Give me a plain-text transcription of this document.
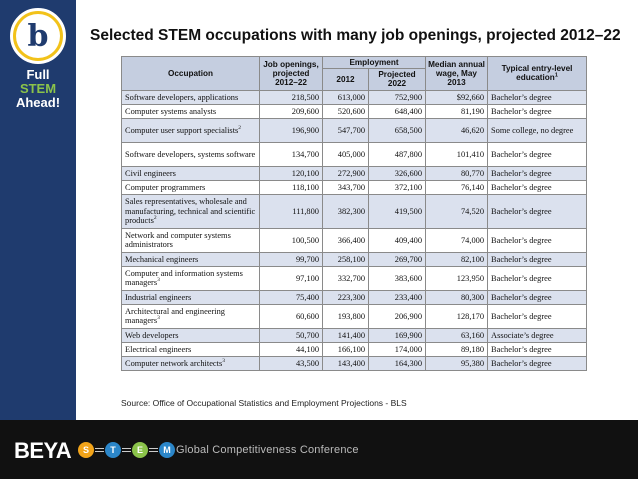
b
Full
STEM
Ahead!
Selected STEM occupations with many job openings, projected 2012–22
Occupation	Job openings, projected 2012–22	Employment		Median annual wage, May 2013	Typical entry-level education$^1$
		2012	Projected 2022		
Software developers, applications	218,500	613,000	752,900	$92,660	Bachelor’s degree
Computer systems analysts	209,600	520,600	648,400	81,190	Bachelor’s degree
Computer user support specialists$^2$	196,900	547,700	658,500	46,620	Some college, no degree
Software developers, systems software	134,700	405,000	487,800	101,410	Bachelor’s degree
Civil engineers	120,100	272,900	326,600	80,770	Bachelor’s degree
Computer programmers	118,100	343,700	372,100	76,140	Bachelor’s degree
Sales representatives, wholesale and manufacturing, technical and scientific products$^2$	111,800	382,300	419,500	74,520	Bachelor’s degree
Network and computer systems administrators	100,500	366,400	409,400	74,000	Bachelor’s degree
Mechanical engineers	99,700	258,100	269,700	82,100	Bachelor’s degree
Computer and information systems managers$^3$	97,100	332,700	383,600	123,950	Bachelor’s degree
Industrial engineers	75,400	223,300	233,400	80,300	Bachelor’s degree
Architectural and engineering managers$^3$	60,600	193,800	206,900	128,170	Bachelor’s degree
Web developers	50,700	141,400	169,900	63,160	Associate’s degree
Electrical engineers	44,100	166,100	174,000	89,180	Bachelor’s degree
Computer network architects$^3$	43,500	143,400	164,300	95,380	Bachelor’s degree
Source: Office of Occupational Statistics and Employment Projections - BLS
BEYA	S	T	E	M Global Competitiveness Conference
